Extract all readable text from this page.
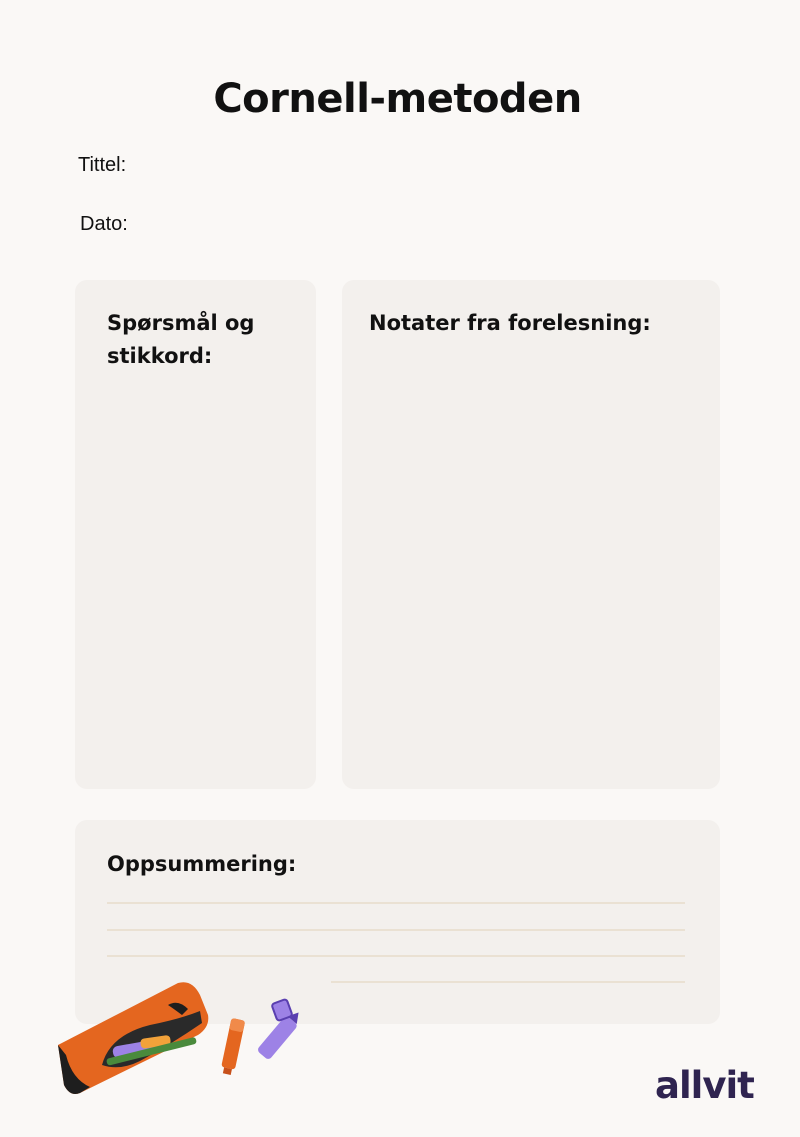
Cornell-metoden

Tittel:

Dato:

Spørsmål og
stikkord:
Notater fra forelesning:
Oppsummering:
allvit
